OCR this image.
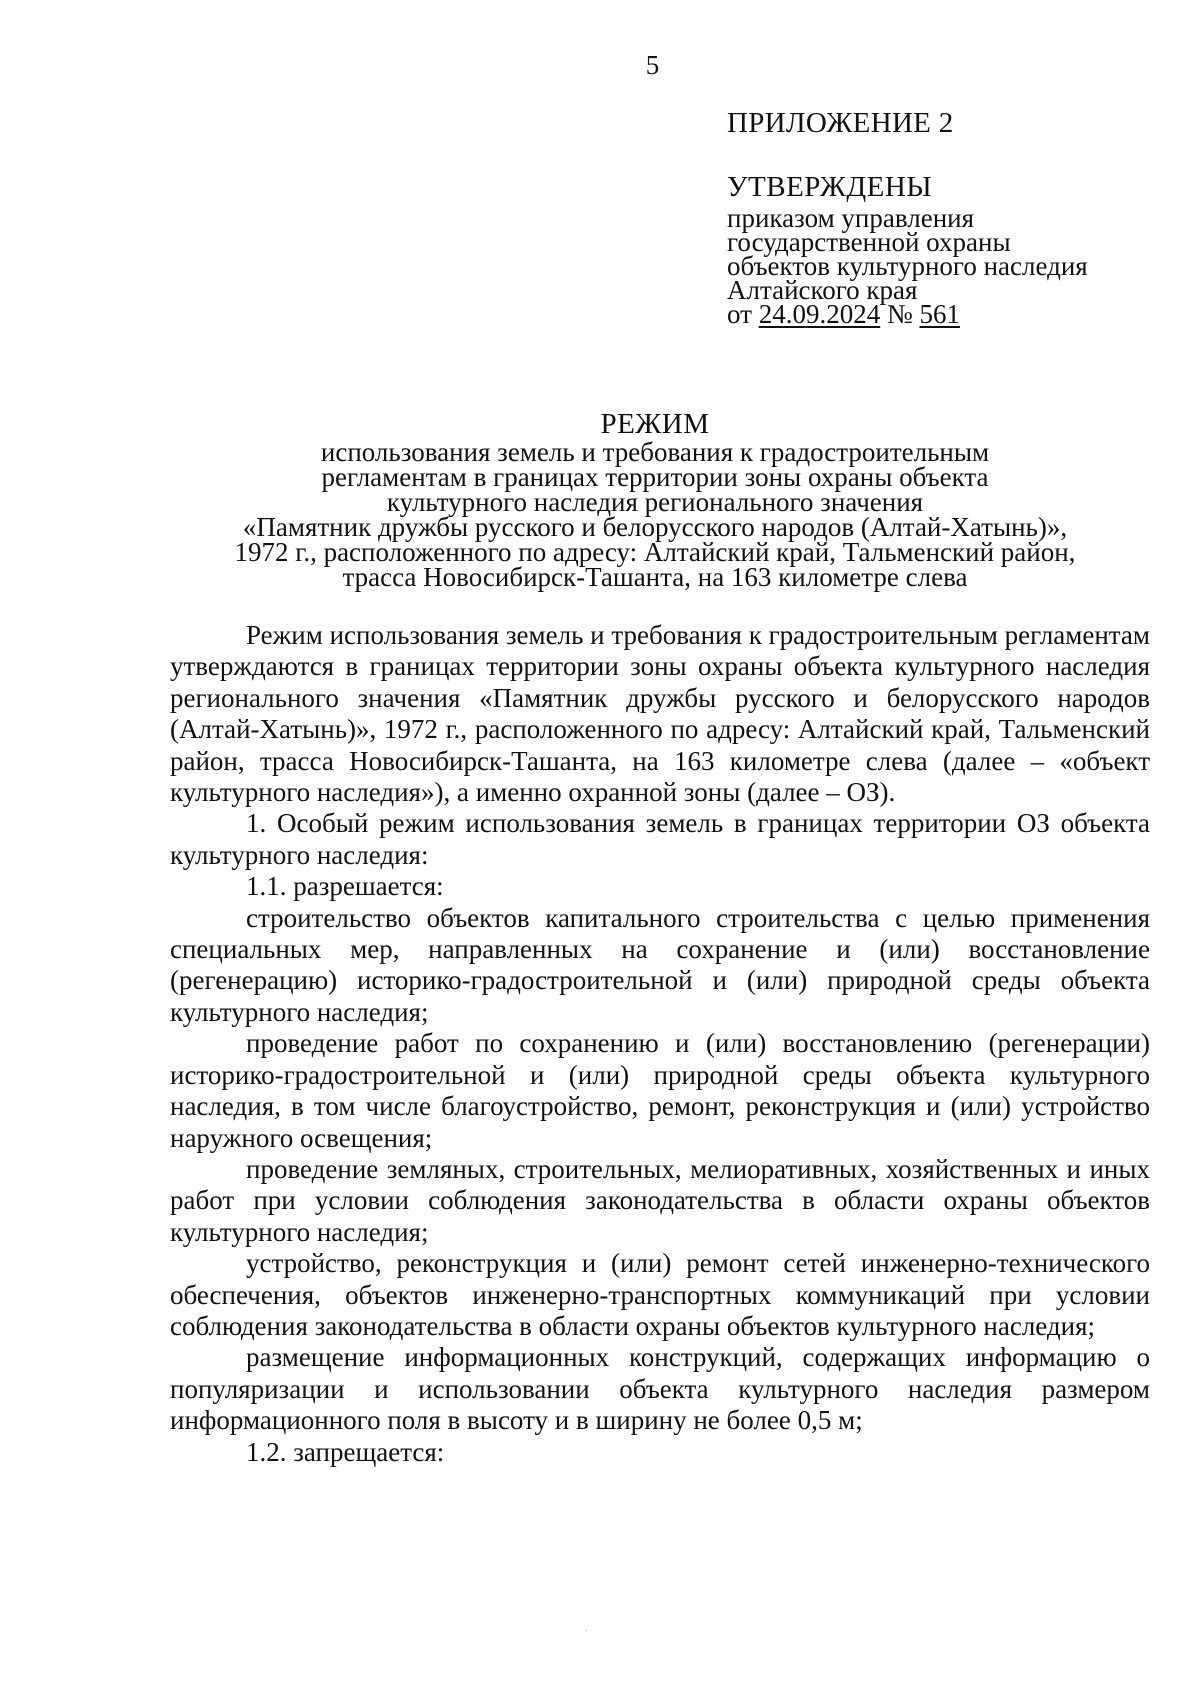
5
ПРИЛОЖЕНИЕ 2
УТВЕРЖДЕНЫ
приказом управления
государственной охраны
объектов культурного наследия
Алтайского края
от 24.09.2024 № 561
РЕЖИМ
использования земель и требования к градостроительным
регламентам в границах территории зоны охраны объекта
культурного наследия регионального значения
«Памятник дружбы русского и белорусского народов (Алтай-Хатынь)»,
1972 г., расположенного по адресу: Алтайский край, Тальменский район,
трасса Новосибирск-Ташанта, на 163 километре слева

Режим использования земель и требования к градостроительным регламентам утверждаются в границах территории зоны охраны объекта культурного наследия регионального значения «Памятник дружбы русского и белорусского народов (Алтай-Хатынь)», 1972 г., расположенного по адресу: Алтайский край, Тальменский район, трасса Новосибирск-Ташанта, на 163 километре слева (далее – «объект культурного наследия»), а именно охранной зоны (далее – ОЗ).

1. Особый режим использования земель в границах территории ОЗ объекта культурного наследия:

1.1. разрешается:

строительство объектов капитального строительства с целью применения специальных мер, направленных на сохранение и (или) восстановление (регенерацию) историко-градостроительной и (или) природной среды объекта культурного наследия;

проведение работ по сохранению и (или) восстановлению (регенерации) историко-градостроительной и (или) природной среды объекта культурного наследия, в том числе благоустройство, ремонт, реконструкция и (или) устройство наружного освещения;

проведение земляных, строительных, мелиоративных, хозяйственных и иных работ при условии соблюдения законодательства в области охраны объектов культурного наследия;

устройство, реконструкция и (или) ремонт сетей инженерно-технического обеспечения, объектов инженерно-транспортных коммуникаций при условии соблюдения законодательства в области охраны объектов культурного наследия;

размещение информационных конструкций, содержащих информацию о популяризации и использовании объекта культурного наследия размером информационного поля в высоту и в ширину не более 0,5 м;

1.2. запрещается:
